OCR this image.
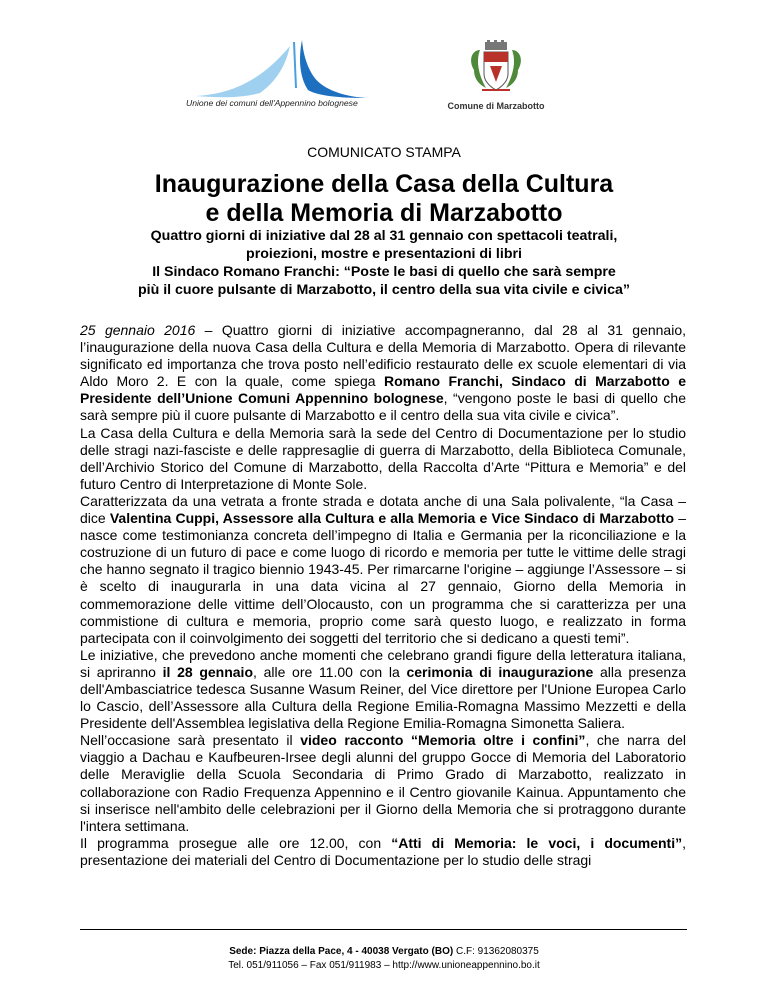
Unione dei comuni dell'Appennino bolognese	Comune di Marzabotto
COMUNICATO STAMPA
Inaugurazione della Casa della Cultura
e della Memoria di Marzabotto
Quattro giorni di iniziative dal 28 al 31 gennaio con spettacoli teatrali,
proiezioni, mostre e presentazioni di libri
Il Sindaco Romano Franchi: “Poste le basi di quello che sarà sempre
più il cuore pulsante di Marzabotto, il centro della sua vita civile e civica”

25 gennaio 2016 – Quattro giorni di iniziative accompagneranno, dal 28 al 31 gennaio, l’inaugurazione della nuova Casa della Cultura e della Memoria di Marzabotto. Opera di rilevante significato ed importanza che trova posto nell’edificio restaurato delle ex scuole elementari di via Aldo Moro 2. E con la quale, come spiega Romano Franchi, Sindaco di Marzabotto e Presidente dell’Unione Comuni Appennino bolognese, “vengono poste le basi di quello che sarà sempre più il cuore pulsante di Marzabotto e il centro della sua vita civile e civica”.

La Casa della Cultura e della Memoria sarà la sede del Centro di Documentazione per lo studio delle stragi nazi-fasciste e delle rappresaglie di guerra di Marzabotto, della Biblioteca Comunale, dell’Archivio Storico del Comune di Marzabotto, della Raccolta d’Arte “Pittura e Memoria” e del futuro Centro di Interpretazione di Monte Sole.

Caratterizzata da una vetrata a fronte strada e dotata anche di una Sala polivalente, “la Casa – dice Valentina Cuppi, Assessore alla Cultura e alla Memoria e Vice Sindaco di Marzabotto – nasce come testimonianza concreta dell’impegno di Italia e Germania per la riconciliazione e la costruzione di un futuro di pace e come luogo di ricordo e memoria per tutte le vittime delle stragi che hanno segnato il tragico biennio 1943-45. Per rimarcarne l'origine – aggiunge l’Assessore – si è scelto di inaugurarla in una data vicina al 27 gennaio, Giorno della Memoria in commemorazione delle vittime dell’Olocausto, con un programma che si caratterizza per una commistione di cultura e memoria, proprio come sarà questo luogo, e realizzato in forma partecipata con il coinvolgimento dei soggetti del territorio che si dedicano a questi temi”.

Le iniziative, che prevedono anche momenti che celebrano grandi figure della letteratura italiana, si apriranno il 28 gennaio, alle ore 11.00 con la cerimonia di inaugurazione alla presenza dell'Ambasciatrice tedesca Susanne Wasum Reiner, del Vice direttore per l'Unione Europea Carlo lo Cascio, dell’Assessore alla Cultura della Regione Emilia-Romagna Massimo Mezzetti e della Presidente dell'Assemblea legislativa della Regione Emilia-Romagna Simonetta Saliera.

Nell’occasione sarà presentato il video racconto “Memoria oltre i confini”, che narra del viaggio a Dachau e Kaufbeuren-Irsee degli alunni del gruppo Gocce di Memoria del Laboratorio delle Meraviglie della Scuola Secondaria di Primo Grado di Marzabotto, realizzato in collaborazione con Radio Frequenza Appennino e il Centro giovanile Kainua. Appuntamento che si inserisce nell'ambito delle celebrazioni per il Giorno della Memoria che si protraggono durante l'intera settimana.

Il programma prosegue alle ore 12.00, con “Atti di Memoria: le voci, i documenti”, presentazione dei materiali del Centro di Documentazione per lo studio delle stragi

Sede: Piazza della Pace, 4 - 40038 Vergato (BO) C.F: 91362080375
Tel. 051/911056 – Fax 051/911983 – http://www.unioneappennino.bo.it
